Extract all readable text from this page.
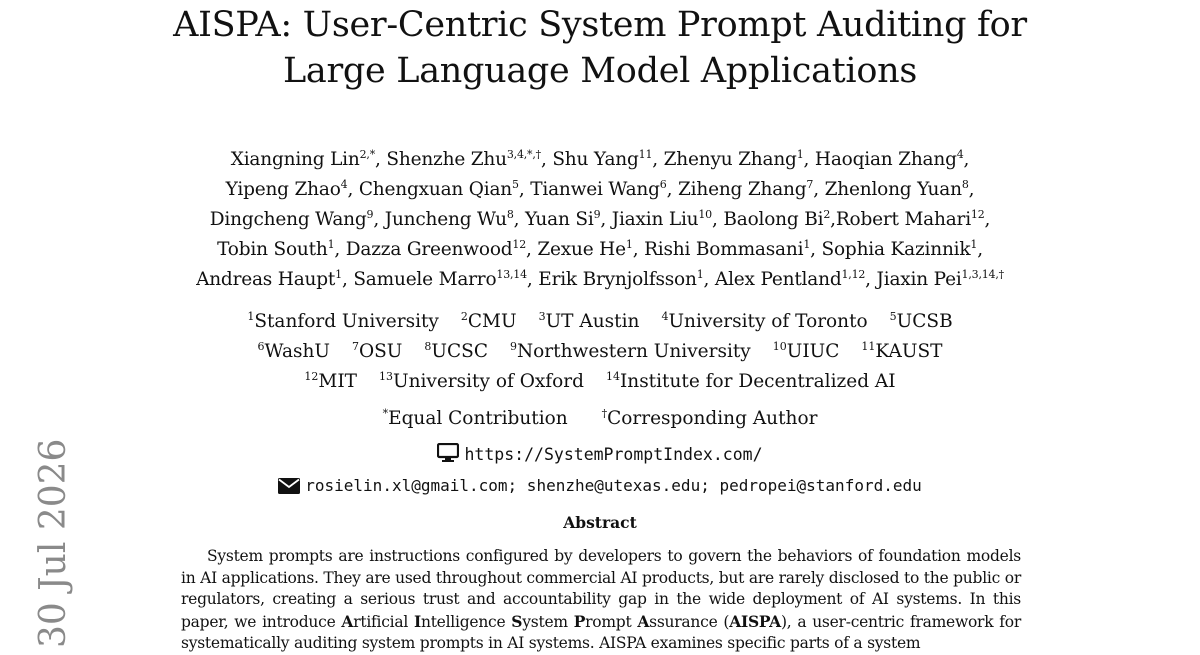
AISPA: User-Centric System Prompt Auditing for Large Language Model Applications
Xiangning Lin$^{2,*}$, Shenzhe Zhu$^{3,4,*,\dagger}$, Shu Yang$^{11}$, Zhenyu Zhang$^1$, Haoqian Zhang$^4$,
Yipeng Zhao$^4$, Chengxuan Qian$^5$, Tianwei Wang$^6$, Ziheng Zhang$^7$, Zhenlong Yuan$^8$,
Dingcheng Wang$^9$, Juncheng Wu$^8$, Yuan Si$^9$, Jiaxin Liu$^{10}$, Baolong Bi$^2$,Robert Mahari$^{12}$,
Tobin South$^1$, Dazza Greenwood$^{12}$, Zexue He$^1$, Rishi Bommasani$^1$, Sophia Kazinnik$^1$,
Andreas Haupt$^1$, Samuele Marro$^{13,14}$, Erik Brynjolfsson$^1$, Alex Pentland$^{1,12}$, Jiaxin Pei$^{1,3,14,\dagger}$
$^1$Stanford University $^2$CMU $^3$UT Austin $^4$University of Toronto $^5$UCSB
$^6$WashU $^7$OSU $^8$UCSC $^9$Northwestern University $^{10}$UIUC $^{11}$KAUST
$^{12}$MIT $^{13}$University of Oxford $^{14}$Institute for Decentralized AI
*Equal Contribution	†Corresponding Author
https://SystemPromptIndex.com/
rosielin.xl@gmail.com; shenzhe@utexas.edu; pedropei@stanford.edu
Abstract
System prompts are instructions configured by developers to govern the behaviors of foundation models in AI applications. They are used throughout commercial AI products, but are rarely disclosed to the public or regulators, creating a serious trust and accountability gap in the wide deployment of AI systems. In this paper, we introduce Artificial Intelligence System Prompt Assurance (AISPA), a user-centric framework for systematically auditing system prompts in AI systems. AISPA examines specific parts of a system
30 Jul 2026
